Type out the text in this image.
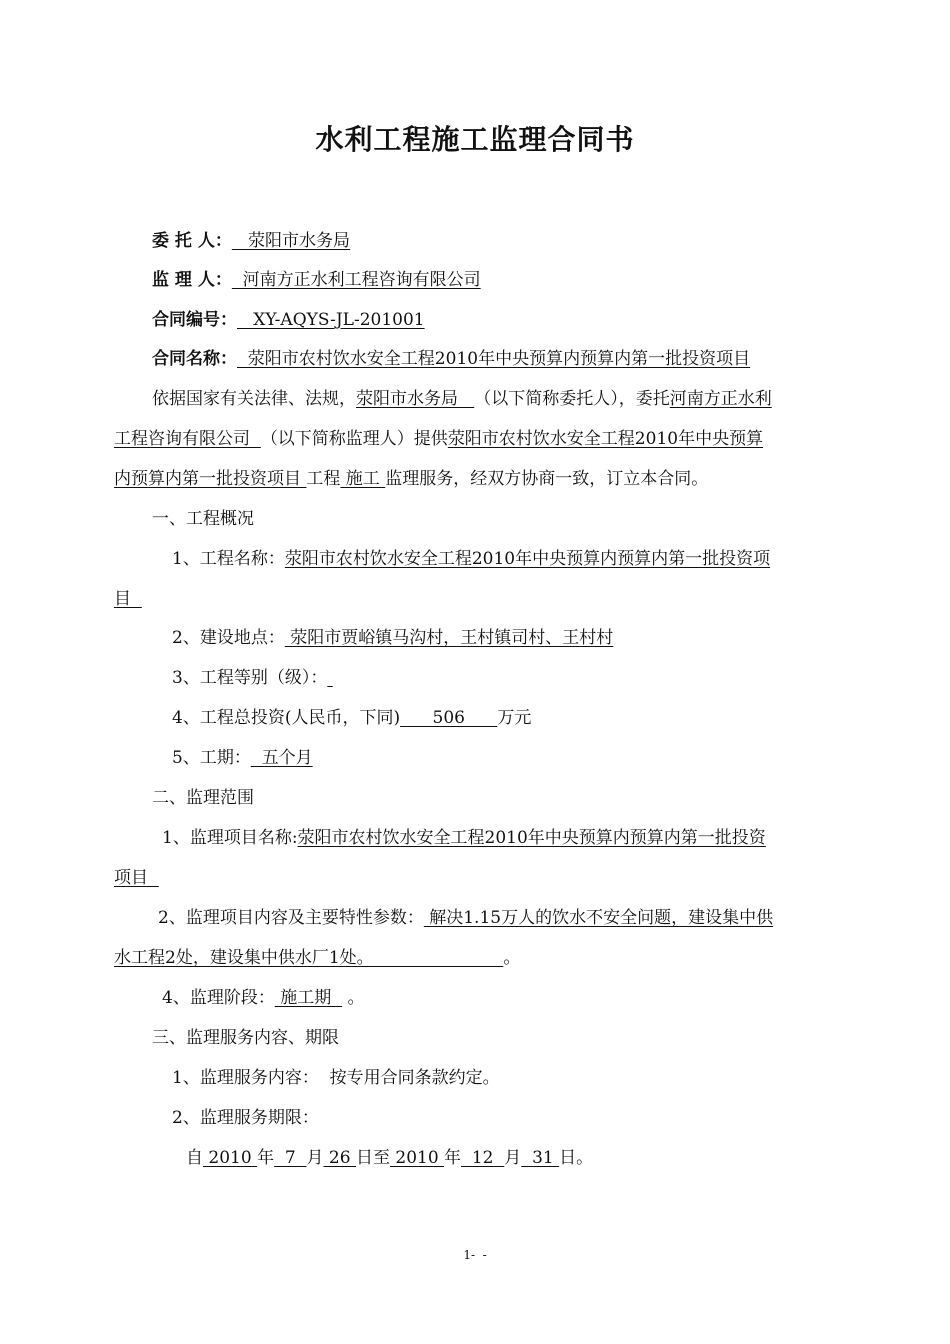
水利工程施工监理合同书
委 托 人：   荥阳市水务局
监 理 人：  河南方正水利工程咨询有限公司
合同编号：   XY-AQYS-JL-201001
合同名称：  荥阳市农村饮水安全工程2010年中央预算内预算内第一批投资项目
依据国家有关法律、法规，荥阳市水务局   （以下简称委托人），委托河南方正水利
工程咨询有限公司  （以下简称监理人）提供荥阳市农村饮水安全工程2010年中央预算
内预算内第一批投资项目 工程 施工 监理服务，经双方协商一致，订立本合同。
一、工程概况
1、工程名称：荥阳市农村饮水安全工程2010年中央预算内预算内第一批投资项
目
2、建设地点： 荥阳市贾峪镇马沟村，王村镇司村、王村村
3、工程等别（级）：
4、工程总投资(人民币，下同)      506      万元
5、工期：  五个月
二、监理范围
1、监理项目名称:荥阳市农村饮水安全工程2010年中央预算内预算内第一批投资
项目
2、监理项目内容及主要特性参数： 解决1.15万人的饮水不安全问题，建设集中供
水工程2处，建设集中供水厂1处。                        。
4、监理阶段： 施工期   。
三、监理服务内容、期限
1、监理服务内容：  按专用合同条款约定。
2、监理服务期限：
自 2010 年  7  月 26 日至 2010 年  12  月  31 日。
1-  -
